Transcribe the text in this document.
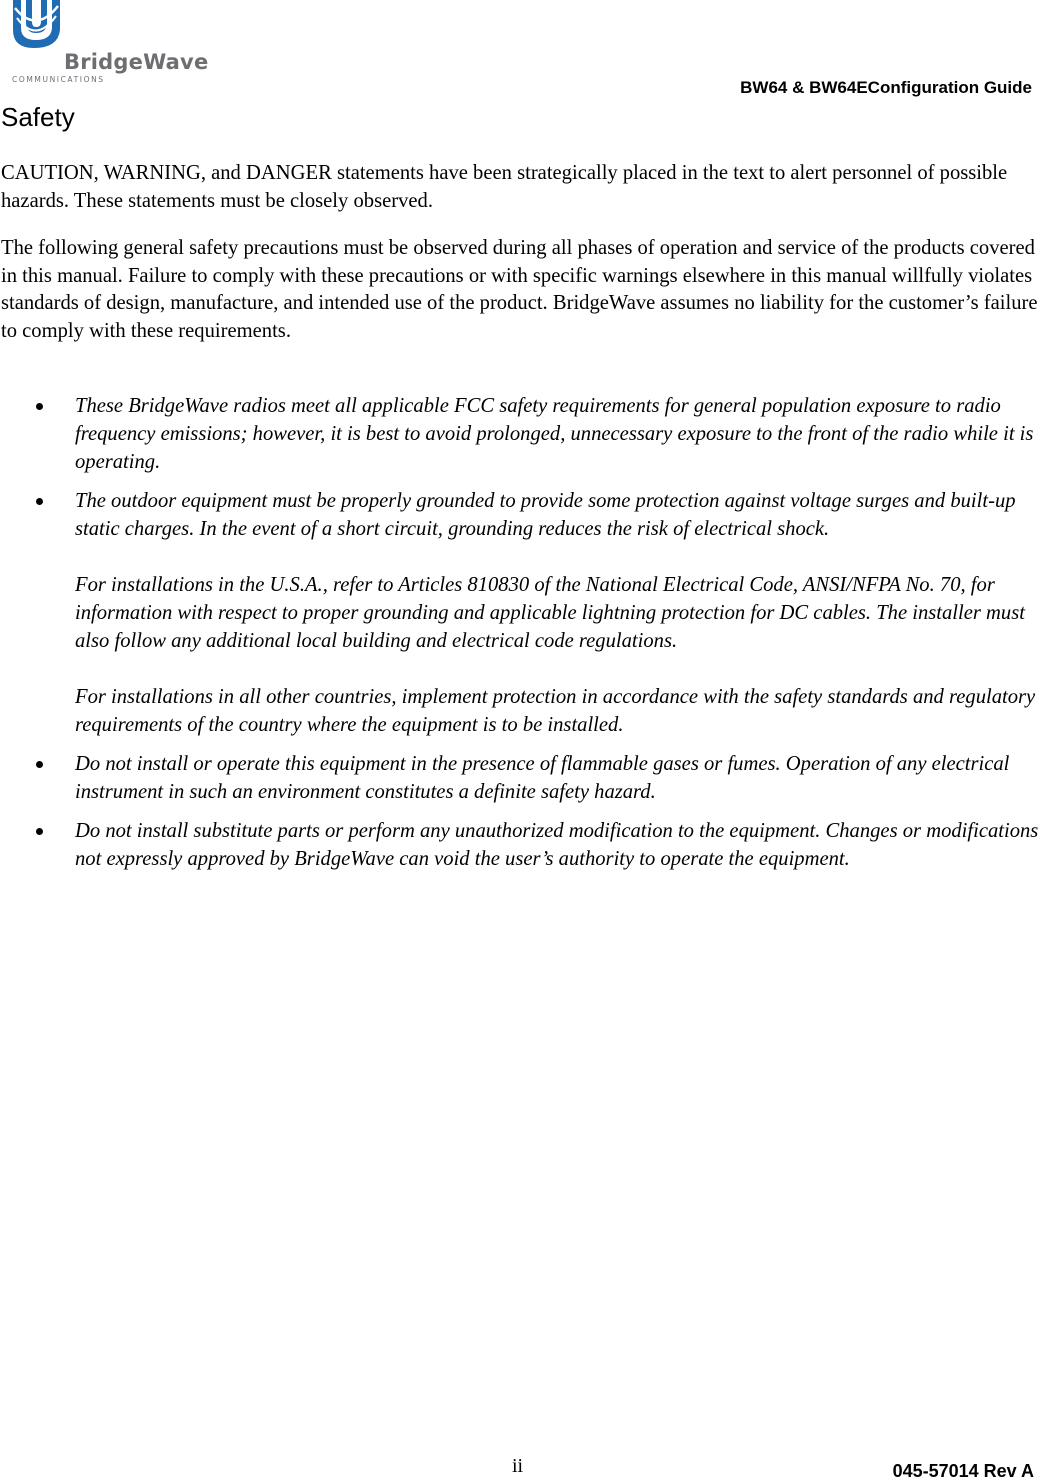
BridgeWave
COMMUNICATIONS	BW64 & BW64EConfiguration Guide
Safety

CAUTION, WARNING, and DANGER statements have been strategically placed in the text to alert personnel of possible hazards. These statements must be closely observed.

The following general safety precautions must be observed during all phases of operation and service of the products covered in this manual. Failure to comply with these precautions or with specific warnings elsewhere in this manual willfully violates standards of design, manufacture, and intended use of the product. BridgeWave assumes no liability for the customer’s failure to comply with these requirements.

These BridgeWave radios meet all applicable FCC safety requirements for general population exposure to radio frequency emissions; however, it is best to avoid prolonged, unnecessary exposure to the front of the radio while it is operating.
The outdoor equipment must be properly grounded to provide some protection against voltage surges and built-up static charges. In the event of a short circuit, grounding reduces the risk of electrical shock.
For installations in the U.S.A., refer to Articles 810830 of the National Electrical Code, ANSI/NFPA No. 70, for information with respect to proper grounding and applicable lightning protection for DC cables. The installer must also follow any additional local building and electrical code regulations.
For installations in all other countries, implement protection in accordance with the safety standards and regulatory requirements of the country where the equipment is to be installed.
Do not install or operate this equipment in the presence of flammable gases or fumes. Operation of any electrical instrument in such an environment constitutes a definite safety hazard.
Do not install substitute parts or perform any unauthorized modification to the equipment. Changes or modifications not expressly approved by BridgeWave can void the user’s authority to operate the equipment.
ii	045-57014 Rev A
